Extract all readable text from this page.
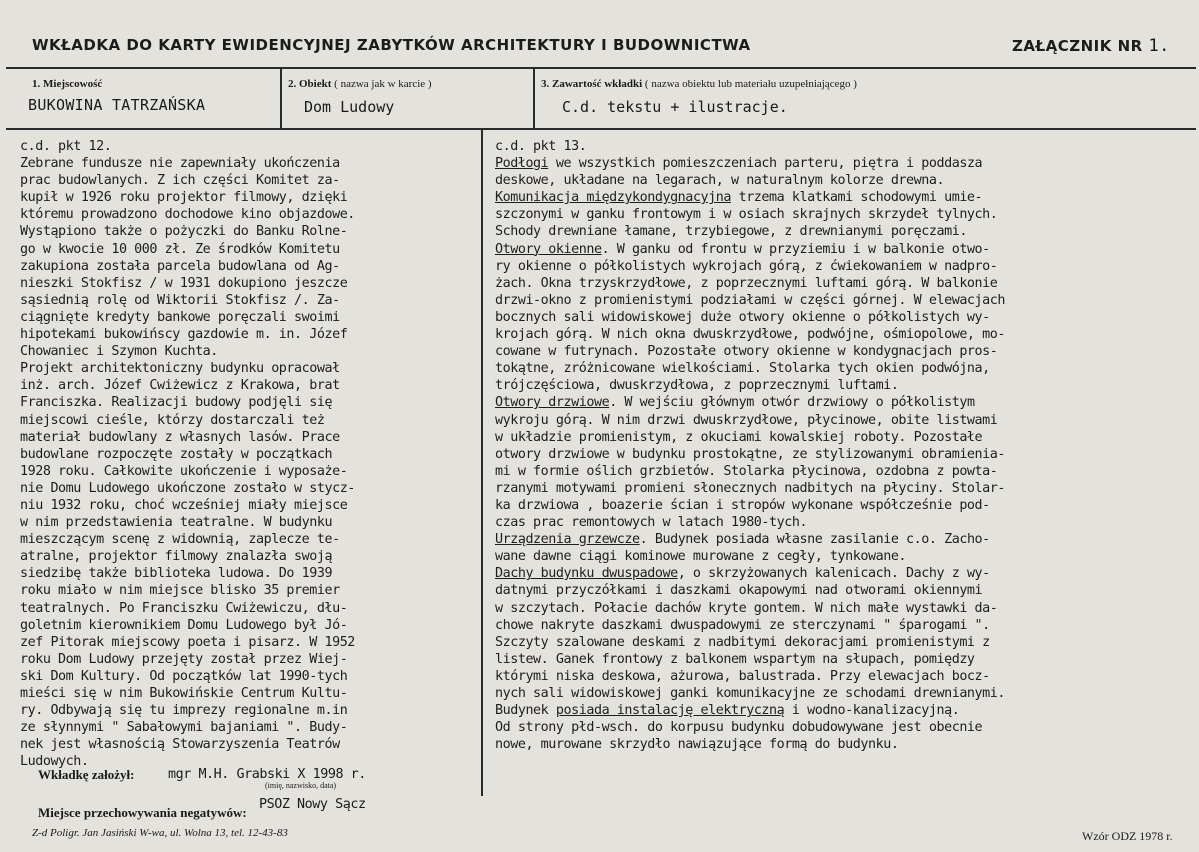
WKŁADKA DO KARTY EWIDENCYJNEJ ZABYTKÓW ARCHITEKTURY I BUDOWNICTWA	ZAŁĄCZNIK NR 1.
1. Miejscowość
BUKOWINA TATRZAŃSKA
2. Obiekt ( nazwa jak w karcie )
Dom Ludowy
3. Zawartość wkładki ( nazwa obiektu lub materiału uzupełniającego )
C.d. tekstu + ilustracje.
c.d. pkt 12.
Zebrane fundusze nie zapewniały ukończenia
prac budowlanych. Z ich części Komitet za-
kupił w 1926 roku projektor filmowy, dzięki
któremu prowadzono dochodowe kino objazdowe.
Wystąpiono także o pożyczki do Banku Rolne-
go w kwocie 10 000 zł. Ze środków Komitetu
zakupiona została parcela budowlana od Ag-
nieszki Stokfisz / w 1931 dokupiono jeszcze
sąsiednią rolę od Wiktorii Stokfisz /. Za-
ciągnięte kredyty bankowe poręczali swoimi
hipotekami bukowińscy gazdowie m. in. Józef
Chowaniec i Szymon Kuchta.
Projekt architektoniczny budynku opracował
inż. arch. Józef Cwiżewicz z Krakowa, brat
Franciszka. Realizacji budowy podjęli się
miejscowi cieśle, którzy dostarczali też
materiał budowlany z własnych lasów. Prace
budowlane rozpoczęte zostały w początkach
1928 roku. Całkowite ukończenie i wyposaże-
nie Domu Ludowego ukończone zostało w stycz-
niu 1932 roku, choć wcześniej miały miejsce
w nim przedstawienia teatralne. W budynku
mieszczącym scenę z widownią, zaplecze te-
atralne, projektor filmowy znalazła swoją
siedzibę także biblioteka ludowa. Do 1939
roku miało w nim miejsce blisko 35 premier
teatralnych. Po Franciszku Cwiżewiczu, dłu-
goletnim kierownikiem Domu Ludowego był Jó-
zef Pitorak miejscowy poeta i pisarz. W 1952
roku Dom Ludowy przejęty został przez Wiej-
ski Dom Kultury. Od początków lat 1990-tych
mieści się w nim Bukowińskie Centrum Kultu-
ry. Odbywają się tu imprezy regionalne m.in
ze słynnymi " Sabałowymi bajaniami ". Budy-
nek jest własnością Stowarzyszenia Teatrów
Ludowych.
c.d. pkt 13.
Podłogi we wszystkich pomieszczeniach parteru, piętra i poddasza
deskowe, układane na legarach, w naturalnym kolorze drewna.
Komunikacja międzykondygnacyjna trzema klatkami schodowymi umie-
szczonymi w ganku frontowym i w osiach skrajnych skrzydeł tylnych.
Schody drewniane łamane, trzybiegowe, z drewnianymi poręczami.
Otwory okienne. W ganku od frontu w przyziemiu i w balkonie otwo-
ry okienne o półkolistych wykrojach górą, z ćwiekowaniem w nadpro-
żach. Okna trzyskrzydłowe, z poprzecznymi luftami górą. W balkonie
drzwi-okno z promienistymi podziałami w części górnej. W elewacjach
bocznych sali widowiskowej duże otwory okienne o półkolistych wy-
krojach górą. W nich okna dwuskrzydłowe, podwójne, ośmiopolowe, mo-
cowane w futrynach. Pozostałe otwory okienne w kondygnacjach pros-
tokątne, zróżnicowane wielkościami. Stolarka tych okien podwójna,
trójczęściowa, dwuskrzydłowa, z poprzecznymi luftami.
Otwory drzwiowe. W wejściu głównym otwór drzwiowy o półkolistym
wykroju górą. W nim drzwi dwuskrzydłowe, płycinowe, obite listwami
w układzie promienistym, z okuciami kowalskiej roboty. Pozostałe
otwory drzwiowe w budynku prostokątne, ze stylizowanymi obramienia-
mi w formie oślich grzbietów. Stolarka płycinowa, ozdobna z powta-
rzanymi motywami promieni słonecznych nadbitych na płyciny. Stolar-
ka drzwiowa , boazerie ścian i stropów wykonane współcześnie pod-
czas prac remontowych w latach 1980-tych.
Urządzenia grzewcze. Budynek posiada własne zasilanie c.o. Zacho-
wane dawne ciągi kominowe murowane z cegły, tynkowane.
Dachy budynku dwuspadowe, o skrzyżowanych kalenicach. Dachy z wy-
datnymi przyczółkami i daszkami okapowymi nad otworami okiennymi
w szczytach. Połacie dachów kryte gontem. W nich małe wystawki da-
chowe nakryte daszkami dwuspadowymi ze sterczynami " śparogami ".
Szczyty szalowane deskami z nadbitymi dekoracjami promienistymi z
listew. Ganek frontowy z balkonem wspartym na słupach, pomiędzy
którymi niska deskowa, ażurowa, balustrada. Przy elewacjach bocz-
nych sali widowiskowej ganki komunikacyjne ze schodami drewnianymi.
Budynek posiada instalację elektryczną i wodno-kanalizacyjną.
Od strony płd-wsch. do korpusu budynku dobudowywane jest obecnie
nowe, murowane skrzydło nawiązujące formą do budynku.
Wkładkę założył:	mgr M.H. Grabski X 1998 r.
(imię, nazwisko, data)
Miejsce przechowywania negatywów:
PSOZ Nowy Sącz
Z-d Poligr. Jan Jasiński W-wa, ul. Wolna 13, tel. 12-43-83	Wzór ODZ 1978 r.
